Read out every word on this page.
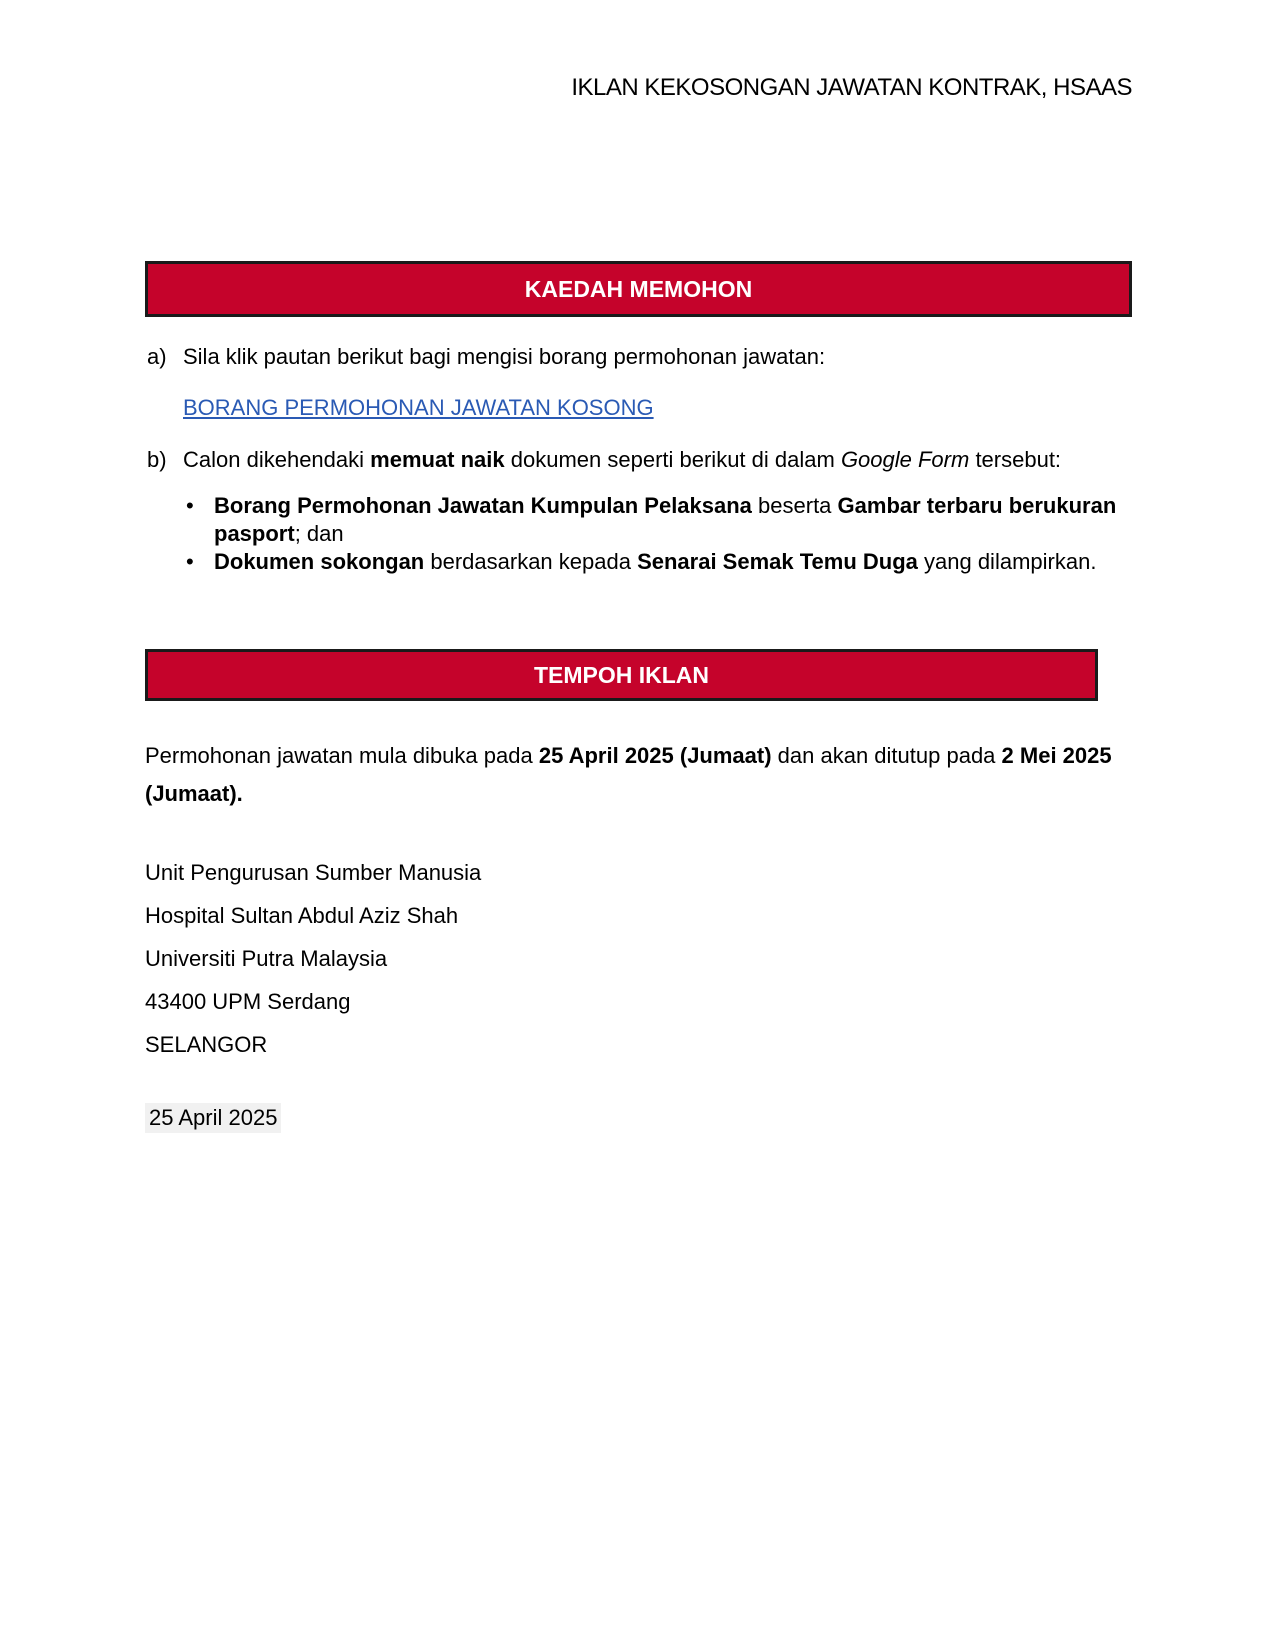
IKLAN KEKOSONGAN JAWATAN KONTRAK, HSAAS
KAEDAH MEMOHON
a) Sila klik pautan berikut bagi mengisi borang permohonan jawatan:
BORANG PERMOHONAN JAWATAN KOSONG
b) Calon dikehendaki memuat naik dokumen seperti berikut di dalam Google Form tersebut:
• Borang Permohonan Jawatan Kumpulan Pelaksana beserta Gambar terbaru berukuran pasport; dan
• Dokumen sokongan berdasarkan kepada Senarai Semak Temu Duga yang dilampirkan.
TEMPOH IKLAN
Permohonan jawatan mula dibuka pada 25 April 2025 (Jumaat) dan akan ditutup pada 2 Mei 2025 (Jumaat).
Unit Pengurusan Sumber Manusia
Hospital Sultan Abdul Aziz Shah
Universiti Putra Malaysia
43400 UPM Serdang
SELANGOR
25 April 2025
